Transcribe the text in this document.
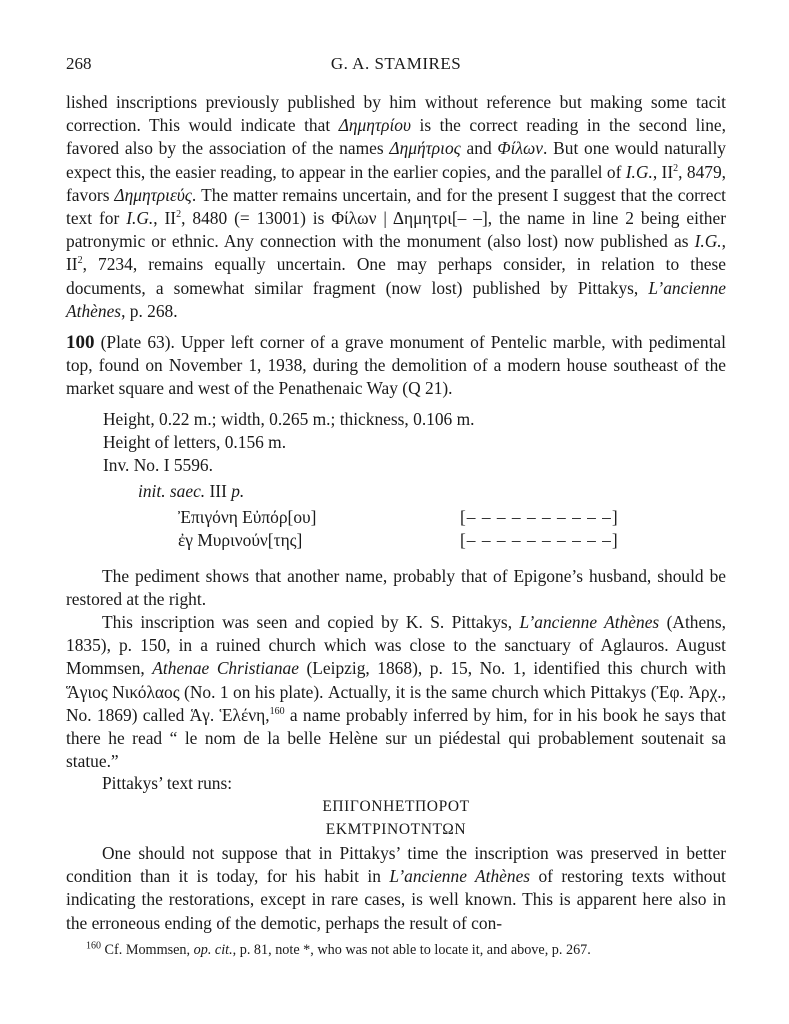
268	G. A. STAMIRES

lished inscriptions previously published by him without reference but making some tacit correction. This would indicate that Δημητρίου is the correct reading in the second line, favored also by the association of the names Δημήτριος and Φίλων. But one would naturally expect this, the easier reading, to appear in the earlier copies, and the parallel of I.G., $II^2$, 8479, favors Δημητριεύς. The matter remains uncertain, and for the present I suggest that the correct text for I.G., $II^2$, 8480 (= 13001) is Φίλων | Δημητρι[– –], the name in line 2 being either patronymic or ethnic. Any connection with the monument (also lost) now published as I.G., $II^2$, 7234, remains equally uncertain. One may perhaps consider, in relation to these documents, a somewhat similar fragment (now lost) published by Pittakys, L’ancienne Athènes, p. 268.

100 (Plate 63). Upper left corner of a grave monument of Pentelic marble, with pedimental top, found on November 1, 1938, during the demolition of a modern house southeast of the market square and west of the Penathenaic Way (Q 21).

Height, 0.22 m.; width, 0.265 m.; thickness, 0.106 m.
Height of letters, 0.156 m.
Inv. No. I 5596.
init. saec. III p.
Ἐπιγόνη Εὐπόρ[ου]	[– – – – – – – – – –]
ἐγ Μυρινούν[της]	[– – – – – – – – – –]

The pediment shows that another name, probably that of Epigone’s husband, should be restored at the right.

This inscription was seen and copied by K. S. Pittakys, L’ancienne Athènes (Athens, 1835), p. 150, in a ruined church which was close to the sanctuary of Aglauros. August Mommsen, Athenae Christianae (Leipzig, 1868), p. 15, No. 1, identified this church with Ἅγιος Νικόλαος (No. 1 on his plate). Actually, it is the same church which Pittakys (Ἐφ. Ἀρχ., No. 1869) called Ἁγ. Ἑλένη,$^{160}$ a name probably inferred by him, for in his book he says that there he read “ le nom de la belle Helène sur un piédestal qui probablement soutenait sa statue.”

Pittakys’ text runs:

ΕΠΙΓΟΝΗΕΤΠΟΡΟΤ
ΕΚΜΤΡΙΝΟΤΝΤΩΝ

One should not suppose that in Pittakys’ time the inscription was preserved in better condition than it is today, for his habit in L’ancienne Athènes of restoring texts without indicating the restorations, except in rare cases, is well known. This is apparent here also in the erroneous ending of the demotic, perhaps the result of con-

$^{160}$ Cf. Mommsen, op. cit., p. 81, note *, who was not able to locate it, and above, p. 267.
